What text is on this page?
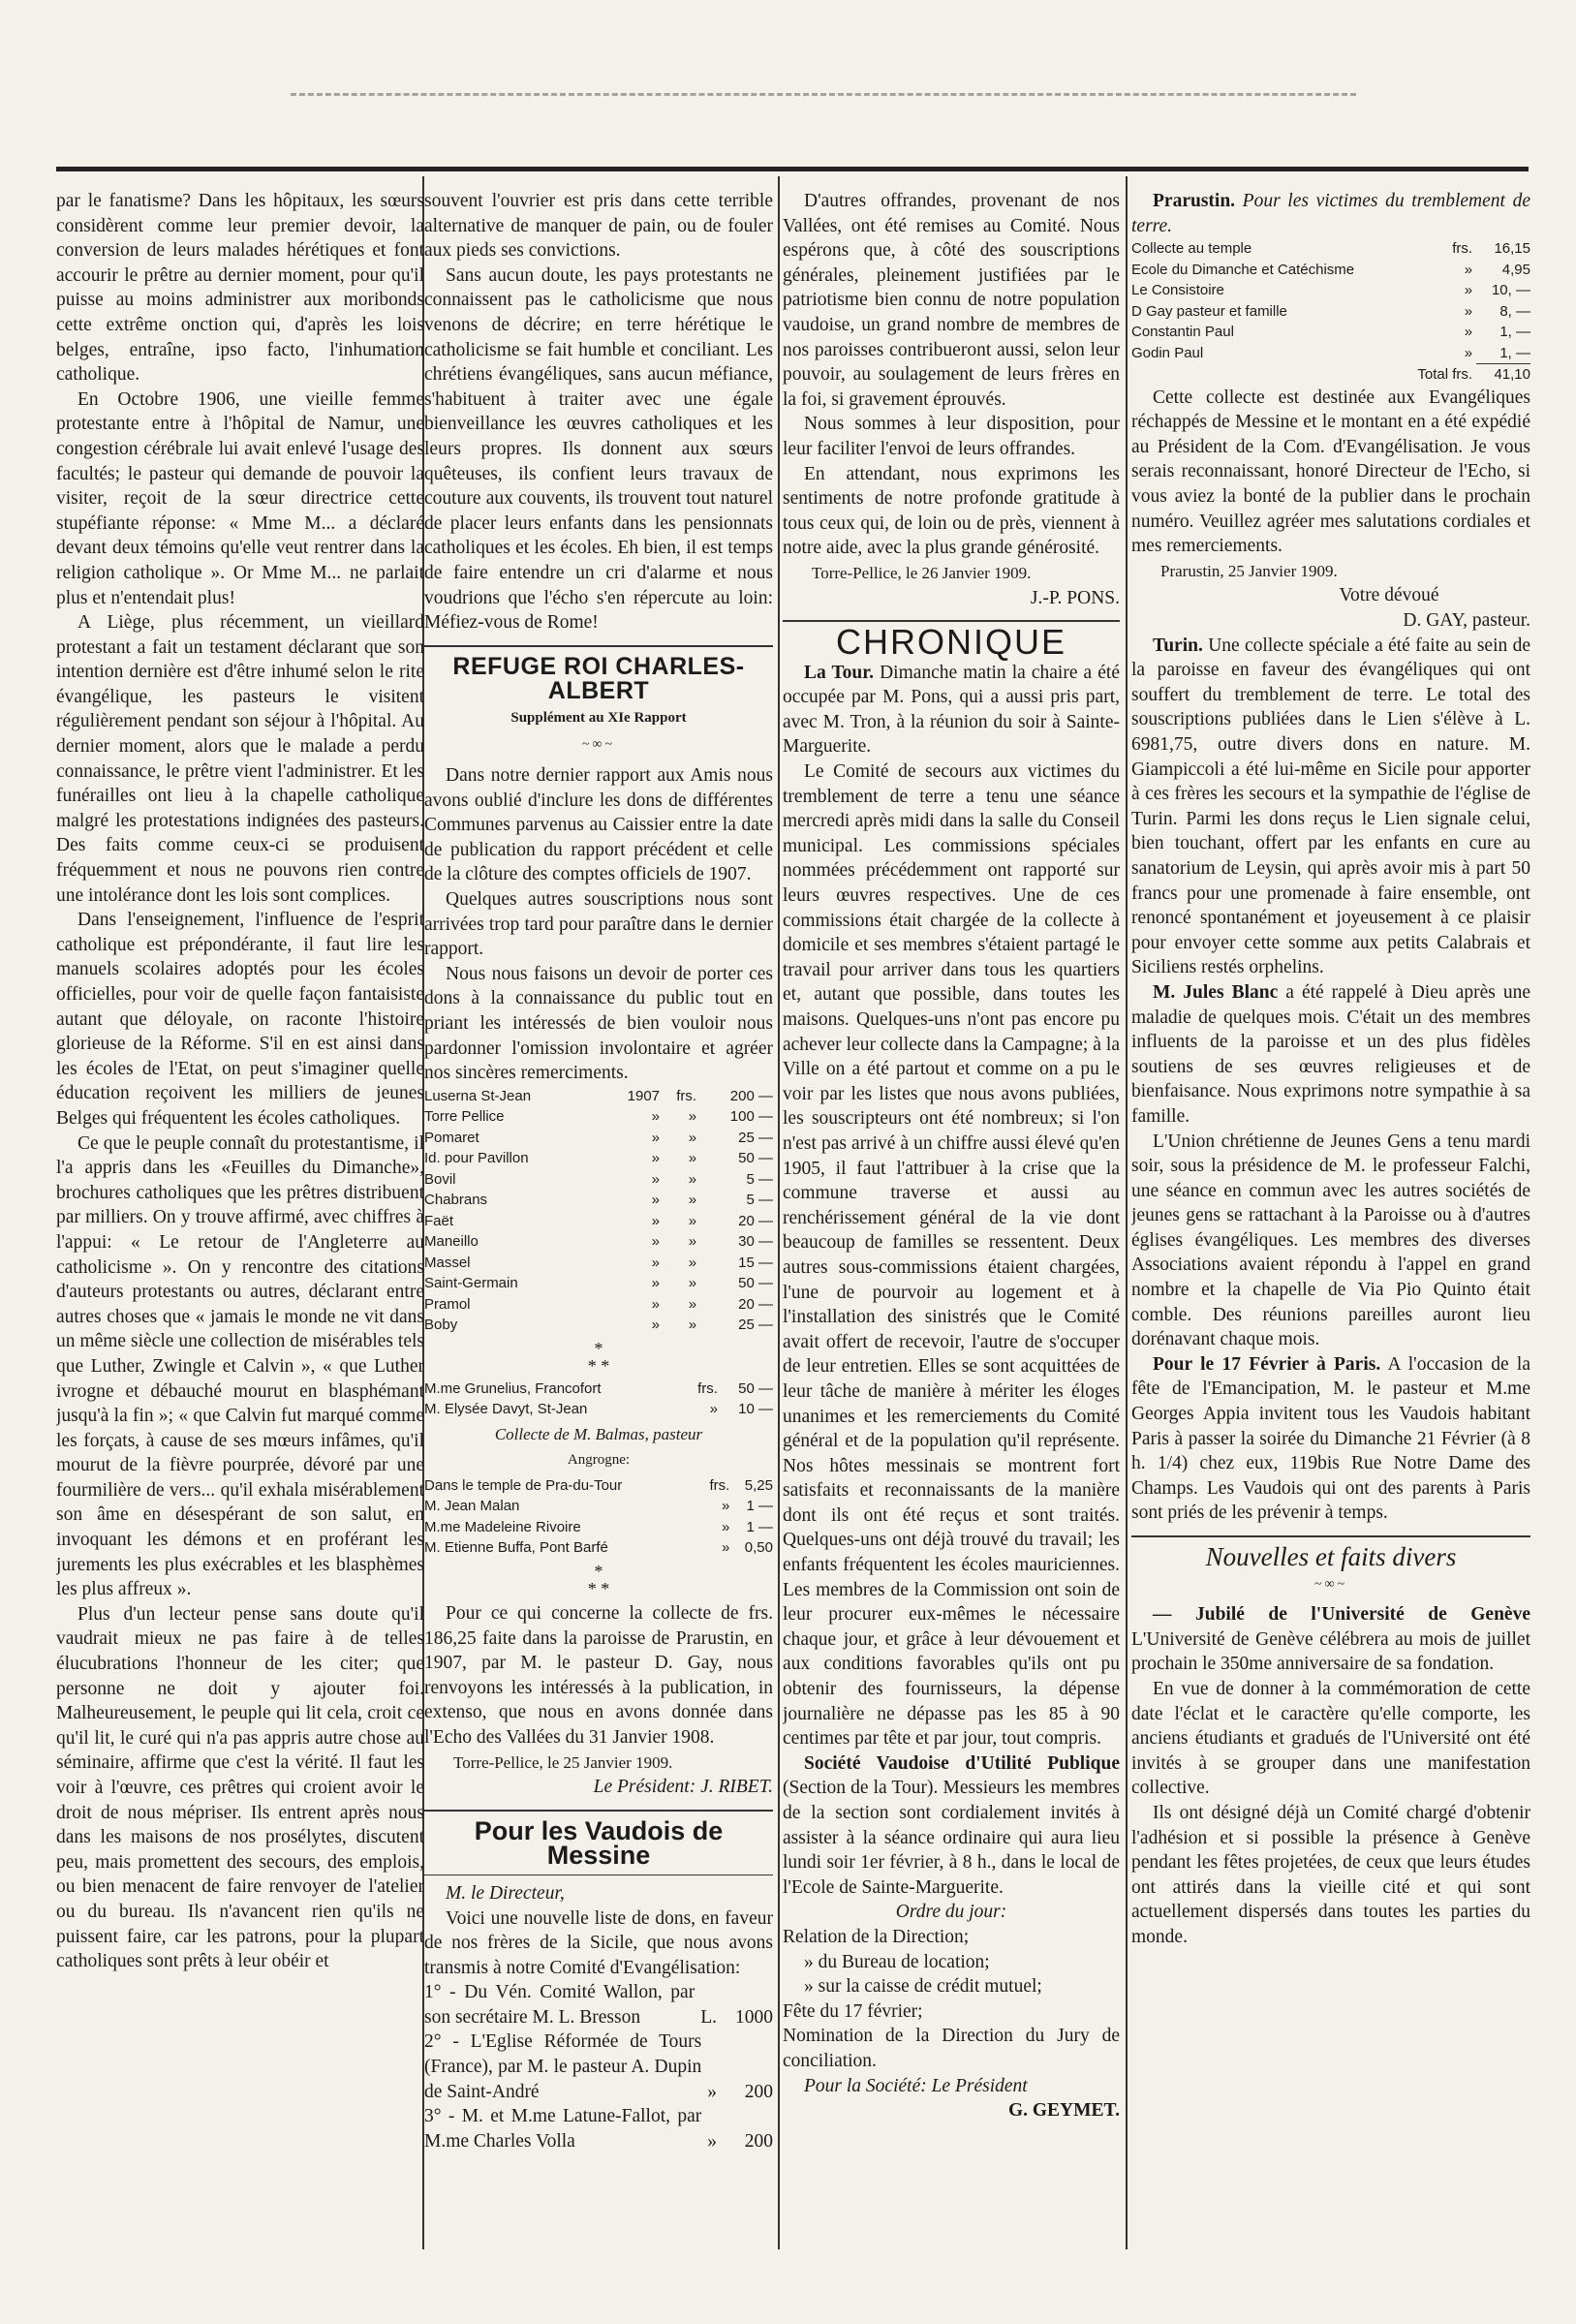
par le fanatisme? Dans les hôpitaux, les sœurs considèrent comme leur premier devoir, la conversion de leurs malades hérétiques et font accourir le prêtre au dernier moment, pour qu'il puisse au moins administrer aux moribonds cette extrême onction qui, d'après les lois belges, entraîne, ipso facto, l'inhumation catholique.

En Octobre 1906, une vieille femme protestante entre à l'hôpital de Namur, une congestion cérébrale lui avait enlevé l'usage des facultés; le pasteur qui demande de pouvoir la visiter, reçoit de la sœur directrice cette stupéfiante réponse: « Mme M... a déclaré devant deux témoins qu'elle veut rentrer dans la religion catholique ». Or Mme M... ne parlait plus et n'entendait plus!

A Liège, plus récemment, un vieillard protestant a fait un testament déclarant que son intention dernière est d'être inhumé selon le rite évangélique, les pasteurs le visitent régulièrement pendant son séjour à l'hôpital. Au dernier moment, alors que le malade a perdu connaissance, le prêtre vient l'administrer. Et les funérailles ont lieu à la chapelle catholique malgré les protestations indignées des pasteurs. Des faits comme ceux-ci se produisent fréquemment et nous ne pouvons rien contre une intolérance dont les lois sont complices.

Dans l'enseignement, l'influence de l'esprit catholique est prépondérante, il faut lire les manuels scolaires adoptés pour les écoles officielles, pour voir de quelle façon fantaisiste autant que déloyale, on raconte l'histoire glorieuse de la Réforme. S'il en est ainsi dans les écoles de l'Etat, on peut s'imaginer quelle éducation reçoivent les milliers de jeunes Belges qui fréquentent les écoles catholiques.

Ce que le peuple connaît du protestantisme, il l'a appris dans les «Feuilles du Dimanche», brochures catholiques que les prêtres distribuent par milliers. On y trouve affirmé, avec chiffres à l'appui: « Le retour de l'Angleterre au catholicisme ». On y rencontre des citations d'auteurs protestants ou autres, déclarant entre autres choses que « jamais le monde ne vit dans un même siècle une collection de misérables tels que Luther, Zwingle et Calvin », « que Luther ivrogne et débauché mourut en blasphémant jusqu'à la fin »; « que Calvin fut marqué comme les forçats, à cause de ses mœurs infâmes, qu'il mourut de la fièvre pourprée, dévoré par une fourmilière de vers... qu'il exhala misérablement son âme en désespérant de son salut, en invoquant les démons et en proférant les jurements les plus exécrables et les blasphèmes les plus affreux ».

Plus d'un lecteur pense sans doute qu'il vaudrait mieux ne pas faire à de telles élucubrations l'honneur de les citer; que personne ne doit y ajouter foi. Malheureusement, le peuple qui lit cela, croit ce qu'il lit, le curé qui n'a pas appris autre chose au séminaire, affirme que c'est la vérité. Il faut les voir à l'œuvre, ces prêtres qui croient avoir le droit de nous mépriser. Ils entrent après nous dans les maisons de nos prosélytes, discutent peu, mais promettent des secours, des emplois, ou bien menacent de faire renvoyer de l'atelier ou du bureau. Ils n'avancent rien qu'ils ne puissent faire, car les patrons, pour la plupart catholiques sont prêts à leur obéir et

souvent l'ouvrier est pris dans cette terrible alternative de manquer de pain, ou de fouler aux pieds ses convictions.

Sans aucun doute, les pays protestants ne connaissent pas le catholicisme que nous venons de décrire; en terre hérétique le catholicisme se fait humble et conciliant. Les chrétiens évangéliques, sans aucun méfiance, s'habituent à traiter avec une égale bienveillance les œuvres catholiques et les leurs propres. Ils donnent aux sœurs quêteuses, ils confient leurs travaux de couture aux couvents, ils trouvent tout naturel de placer leurs enfants dans les pensionnats catholiques et les écoles. Eh bien, il est temps de faire entendre un cri d'alarme et nous voudrions que l'écho s'en répercute au loin: Méfiez-vous de Rome!

REFUGE ROI CHARLES-ALBERT
Supplément au XIe Rapport
~∞~

Dans notre dernier rapport aux Amis nous avons oublié d'inclure les dons de différentes Communes parvenus au Caissier entre la date de publication du rapport précédent et celle de la clôture des comptes officiels de 1907.

Quelques autres souscriptions nous sont arrivées trop tard pour paraître dans le dernier rapport.

Nous nous faisons un devoir de porter ces dons à la connaissance du public tout en priant les intéressés de bien vouloir nous pardonner l'omission involontaire et agréer nos sincères remerciments.

Luserna St-Jean	1907	frs.	200 —
Torre Pellice	»	»	100 —
Pomaret	»	»	25 —
Id. pour Pavillon	»	»	50 —
Bovil	»	»	5 —
Chabrans	»	»	5 —
Faët	»	»	20 —
Maneillo	»	»	30 —
Massel	»	»	15 —
Saint-Germain	»	»	50 —
Pramol	»	»	20 —
Boby	»	»	25 —
*
* *
M.me Grunelius, Francofort	frs.	50 —
M. Elysée Davyt, St-Jean	»	10 —
Collecte de M. Balmas, pasteur
Angrogne:
Dans le temple de Pra-du-Tour	frs.	5,25
M. Jean Malan	»	1 —
M.me Madeleine Rivoire	»	1 —
M. Etienne Buffa, Pont Barfé	»	0,50
*
* *

Pour ce qui concerne la collecte de frs. 186,25 faite dans la paroisse de Prarustin, en 1907, par M. le pasteur D. Gay, nous renvoyons les intéressés à la publication, in extenso, que nous en avons donnée dans l'Echo des Vallées du 31 Janvier 1908.

Torre-Pellice, le 25 Janvier 1909.

Le Président: J. RIBET.

Pour les Vaudois de Messine

M. le Directeur,

Voici une nouvelle liste de dons, en faveur de nos frères de la Sicile, que nous avons transmis à notre Comité d'Evangélisation:

1° - Du Vén. Comité Wallon, par son secrétaire M. L. Bresson	L. 1000
2° - L'Eglise Réformée de Tours (France), par M. le pasteur A. Dupin de Saint-André	»	200
3° - M. et M.me Latune-Fallot, par M.me Charles Volla	»	200

D'autres offrandes, provenant de nos Vallées, ont été remises au Comité. Nous espérons que, à côté des souscriptions générales, pleinement justifiées par le patriotisme bien connu de notre population vaudoise, un grand nombre de membres de nos paroisses contribueront aussi, selon leur pouvoir, au soulagement de leurs frères en la foi, si gravement éprouvés.

Nous sommes à leur disposition, pour leur faciliter l'envoi de leurs offrandes.

En attendant, nous exprimons les sentiments de notre profonde gratitude à tous ceux qui, de loin ou de près, viennent à notre aide, avec la plus grande générosité.

Torre-Pellice, le 26 Janvier 1909.

J.-P. PONS.

CHRONIQUE

La Tour. Dimanche matin la chaire a été occupée par M. Pons, qui a aussi pris part, avec M. Tron, à la réunion du soir à Sainte-Marguerite.

Le Comité de secours aux victimes du tremblement de terre a tenu une séance mercredi après midi dans la salle du Conseil municipal. Les commissions spéciales nommées précédemment ont rapporté sur leurs œuvres respectives. Une de ces commissions était chargée de la collecte à domicile et ses membres s'étaient partagé le travail pour arriver dans tous les quartiers et, autant que possible, dans toutes les maisons. Quelques-uns n'ont pas encore pu achever leur collecte dans la Campagne; à la Ville on a été partout et comme on a pu le voir par les listes que nous avons publiées, les souscripteurs ont été nombreux; si l'on n'est pas arrivé à un chiffre aussi élevé qu'en 1905, il faut l'attribuer à la crise que la commune traverse et aussi au renchérissement général de la vie dont beaucoup de familles se ressentent. Deux autres sous-commissions étaient chargées, l'une de pourvoir au logement et à l'installation des sinistrés que le Comité avait offert de recevoir, l'autre de s'occuper de leur entretien. Elles se sont acquittées de leur tâche de manière à mériter les éloges unanimes et les remerciements du Comité général et de la population qu'il représente. Nos hôtes messinais se montrent fort satisfaits et reconnaissants de la manière dont ils ont été reçus et sont traités. Quelques-uns ont déjà trouvé du travail; les enfants fréquentent les écoles mauriciennes. Les membres de la Commission ont soin de leur procurer eux-mêmes le nécessaire chaque jour, et grâce à leur dévouement et aux conditions favorables qu'ils ont pu obtenir des fournisseurs, la dépense journalière ne dépasse pas les 85 à 90 centimes par tête et par jour, tout compris.

Société Vaudoise d'Utilité Publique (Section de la Tour). Messieurs les membres de la section sont cordialement invités à assister à la séance ordinaire qui aura lieu lundi soir 1er février, à 8 h., dans le local de l'Ecole de Sainte-Marguerite.

Ordre du jour:

Relation de la Direction;

» du Bureau de location;

» sur la caisse de crédit mutuel;

Fête du 17 février;

Nomination de la Direction du Jury de conciliation.

Pour la Société: Le Président

G. GEYMET.

Prarustin. Pour les victimes du tremblement de terre.

Collecte au temple	frs.	16,15
Ecole du Dimanche et Catéchisme	»	4,95
Le Consistoire	»	10, —
D Gay pasteur et famille	»	8, —
Constantin Paul	»	1, —
Godin Paul	»	1, —
Total frs.		41,10

Cette collecte est destinée aux Evangéliques réchappés de Messine et le montant en a été expédié au Président de la Com. d'Evangélisation. Je vous serais reconnaissant, honoré Directeur de l'Echo, si vous aviez la bonté de la publier dans le prochain numéro. Veuillez agréer mes salutations cordiales et mes remerciements.

Prarustin, 25 Janvier 1909.

Votre dévoué

D. GAY, pasteur.

Turin. Une collecte spéciale a été faite au sein de la paroisse en faveur des évangéliques qui ont souffert du tremblement de terre. Le total des souscriptions publiées dans le Lien s'élève à L. 6981,75, outre divers dons en nature. M. Giampiccoli a été lui-même en Sicile pour apporter à ces frères les secours et la sympathie de l'église de Turin. Parmi les dons reçus le Lien signale celui, bien touchant, offert par les enfants en cure au sanatorium de Leysin, qui après avoir mis à part 50 francs pour une promenade à faire ensemble, ont renoncé spontanément et joyeusement à ce plaisir pour envoyer cette somme aux petits Calabrais et Siciliens restés orphelins.

M. Jules Blanc a été rappelé à Dieu après une maladie de quelques mois. C'était un des membres influents de la paroisse et un des plus fidèles soutiens de ses œuvres religieuses et de bienfaisance. Nous exprimons notre sympathie à sa famille.

L'Union chrétienne de Jeunes Gens a tenu mardi soir, sous la présidence de M. le professeur Falchi, une séance en commun avec les autres sociétés de jeunes gens se rattachant à la Paroisse ou à d'autres églises évangéliques. Les membres des diverses Associations avaient répondu à l'appel en grand nombre et la chapelle de Via Pio Quinto était comble. Des réunions pareilles auront lieu dorénavant chaque mois.

Pour le 17 Février à Paris. A l'occasion de la fête de l'Emancipation, M. le pasteur et M.me Georges Appia invitent tous les Vaudois habitant Paris à passer la soirée du Dimanche 21 Février (à 8 h. 1/4) chez eux, 119bis Rue Notre Dame des Champs. Les Vaudois qui ont des parents à Paris sont priés de les prévenir à temps.

Nouvelles et faits divers
~∞~

— Jubilé de l'Université de Genève L'Université de Genève célébrera au mois de juillet prochain le 350me anniversaire de sa fondation.

En vue de donner à la commémoration de cette date l'éclat et le caractère qu'elle comporte, les anciens étudiants et gradués de l'Université ont été invités à se grouper dans une manifestation collective.

Ils ont désigné déjà un Comité chargé d'obtenir l'adhésion et si possible la présence à Genève pendant les fêtes projetées, de ceux que leurs études ont attirés dans la vieille cité et qui sont actuellement dispersés dans toutes les parties du monde.
